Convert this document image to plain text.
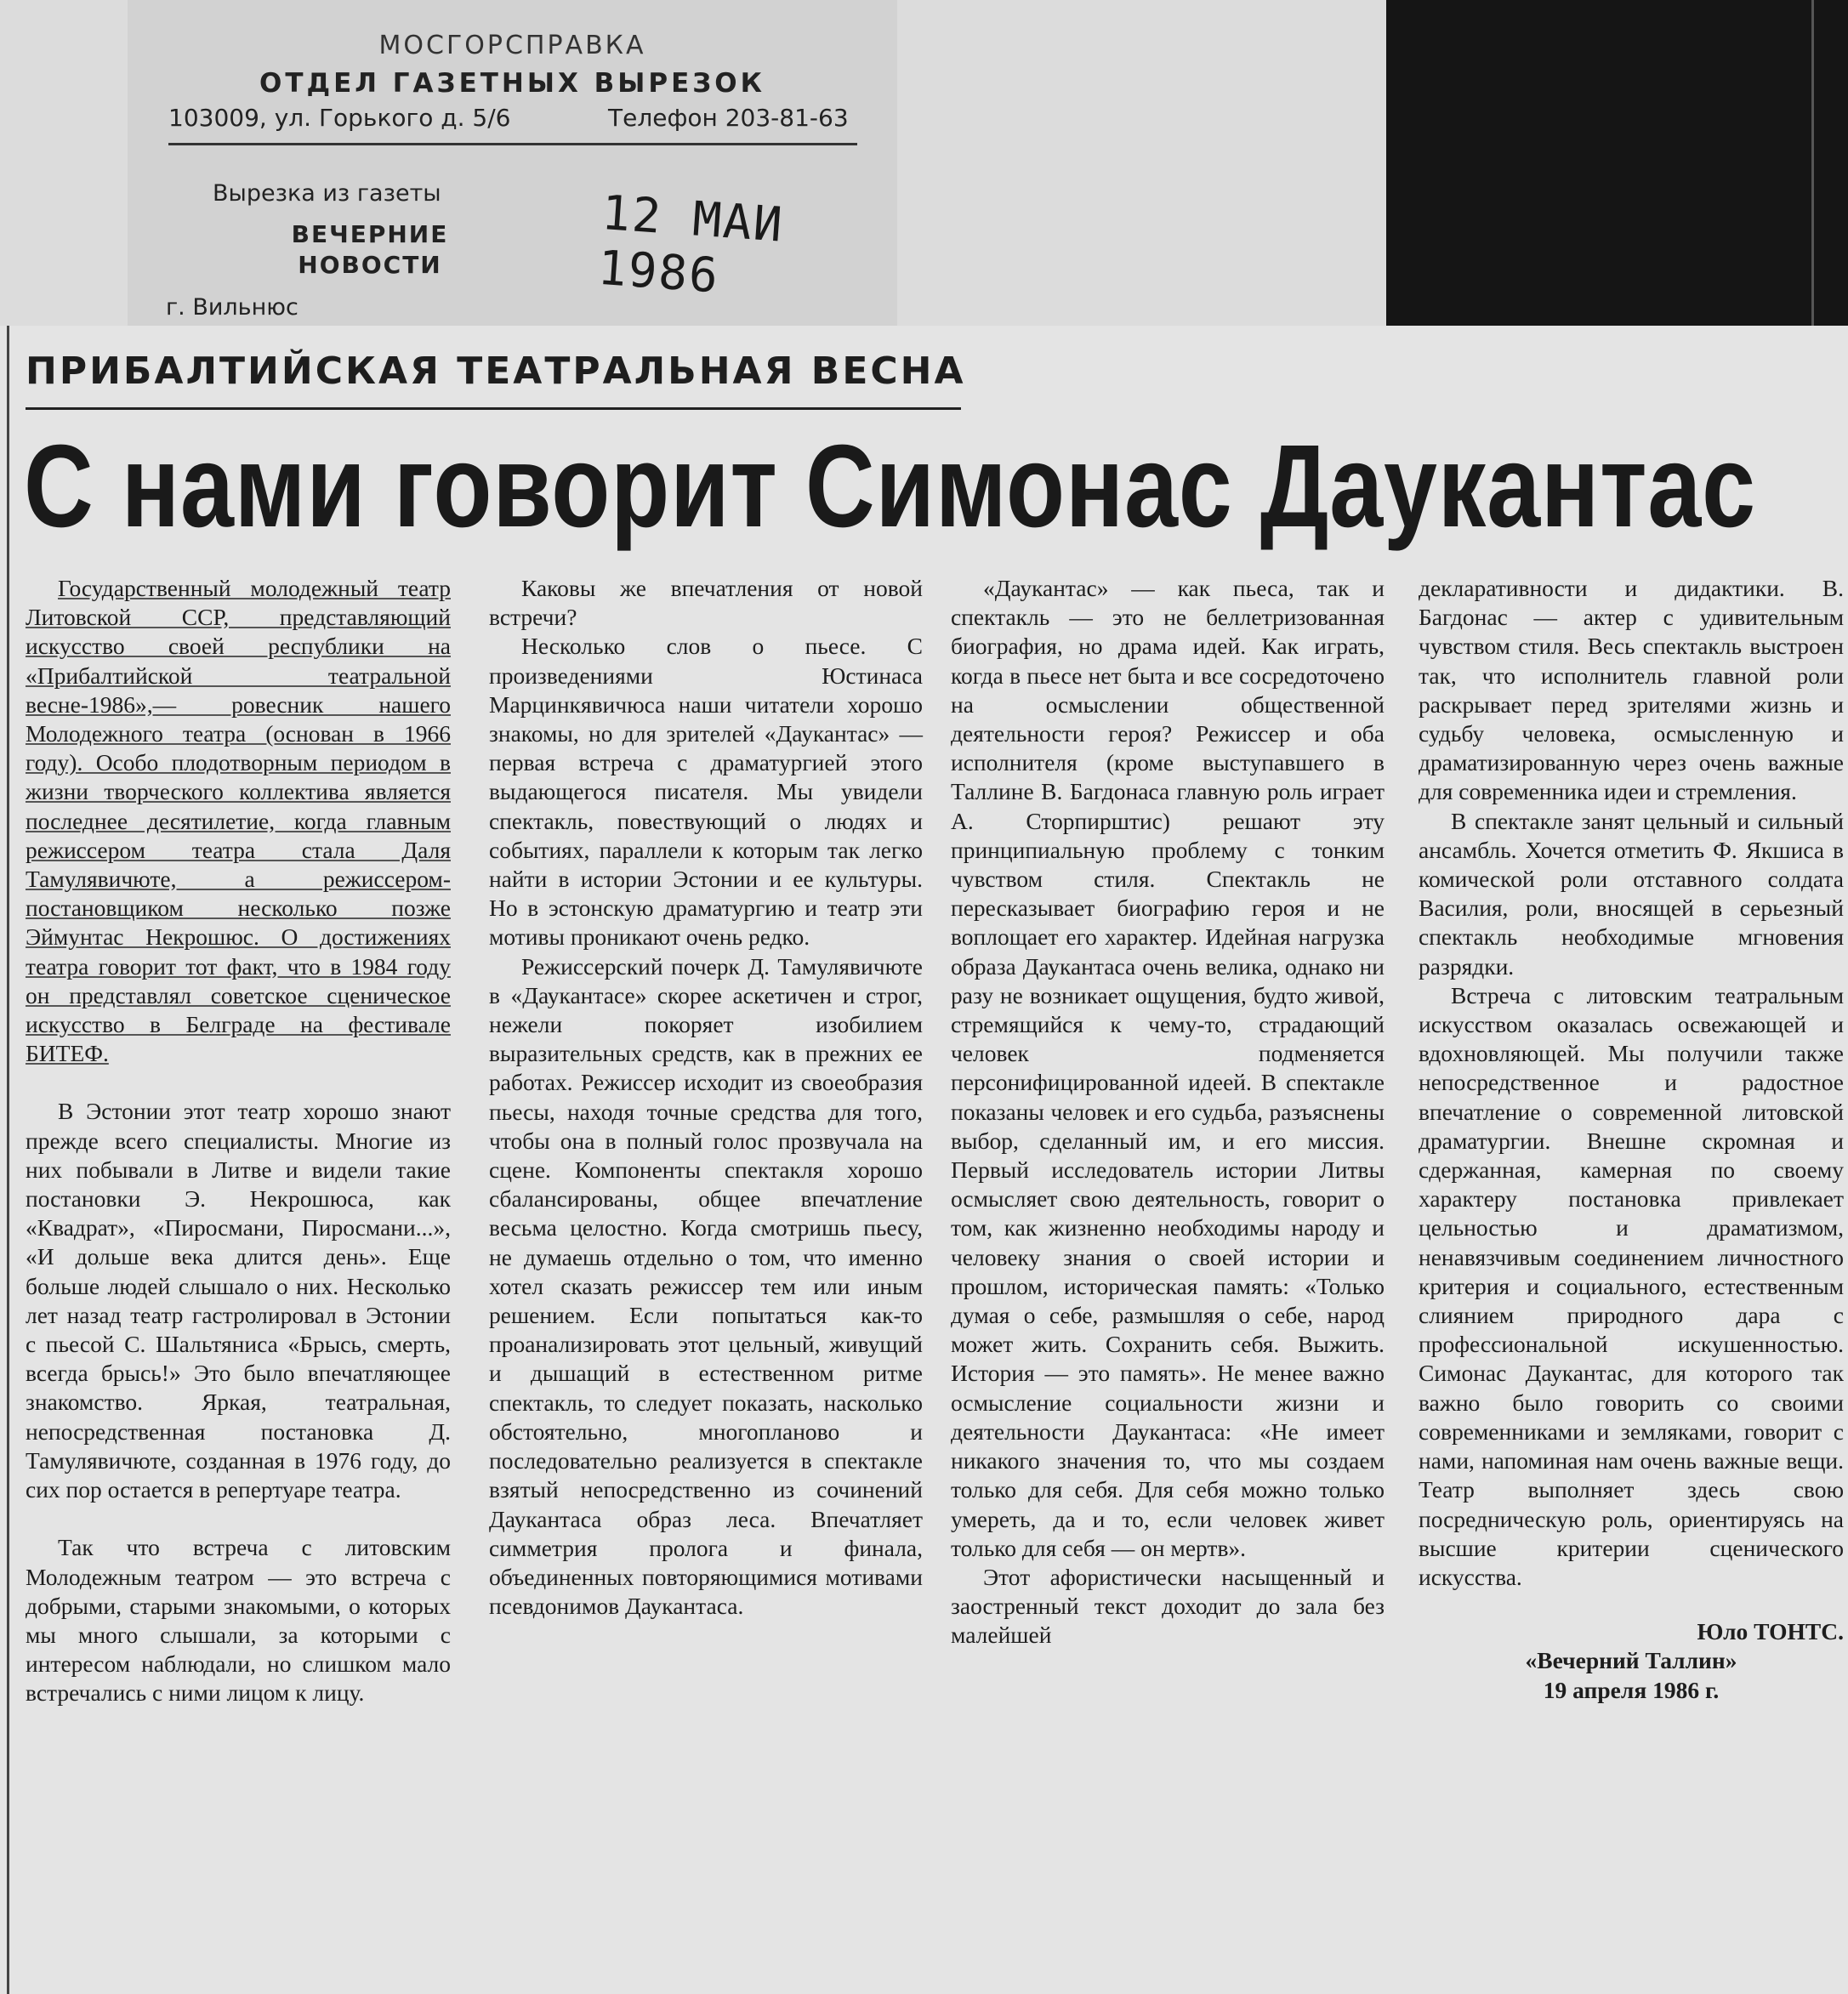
МОСГОРСПРАВКА
ОТДЕЛ ГАЗЕТНЫХ ВЫРЕЗОК
103009, ул. Горького д. 5/6	Телефон 203-81-63
Вырезка из газеты
ВЕЧЕРНИЕ
НОВОСТИ
г. Вильнюс
12 МАИ 1986
ПРИБАЛТИЙСКАЯ ТЕАТРАЛЬНАЯ ВЕСНА
С нами говорит Симонас Даукантас

Государственный молодежный театр Литовской ССР, представляющий искусство своей республики на «Прибалтийской театральной весне-1986»,— ровесник нашего Молодежного театра (основан в 1966 году). Особо плодотворным периодом в жизни творческого коллектива является последнее десятилетие, когда главным режиссером театра стала Даля Тамулявичюте, а режиссером-постановщиком несколько позже Эймунтас Некрошюс. О достижениях театра говорит тот факт, что в 1984 году он представлял советское сценическое искусство в Белграде на фестивале БИТЕФ.

В Эстонии этот театр хорошо знают прежде всего специалисты. Многие из них побывали в Литве и видели такие постановки Э. Некрошюса, как «Квадрат», «Пиросмани, Пиросмани...», «И дольше века длится день». Еще больше людей слышало о них. Несколько лет назад театр гастролировал в Эстонии с пьесой С. Шальтяниса «Брысь, смерть, всегда брысь!» Это было впечатляющее знакомство. Яркая, театральная, непосредственная постановка Д. Тамулявичюте, созданная в 1976 году, до сих пор остается в репертуаре театра.

Так что встреча с литовским Молодежным театром — это встреча с добрыми, старыми знакомыми, о которых мы много слышали, за которыми с интересом наблюдали, но слишком мало встречались с ними лицом к лицу.

Каковы же впечатления от новой встречи?

Несколько слов о пьесе. С произведениями Юстинаса Марцинкявичюса наши читатели хорошо знакомы, но для зрителей «Даукантас» — первая встреча с драматургией этого выдающегося писателя. Мы увидели спектакль, повествующий о людях и событиях, параллели к которым так легко найти в истории Эстонии и ее культуры. Но в эстонскую драматургию и театр эти мотивы проникают очень редко.

Режиссерский почерк Д. Тамулявичюте в «Даукантасе» скорее аскетичен и строг, нежели покоряет изобилием выразительных средств, как в прежних ее работах. Режиссер исходит из своеобразия пьесы, находя точные средства для того, чтобы она в полный голос прозвучала на сцене. Компоненты спектакля хорошо сбалансированы, общее впечатление весьма целостно. Когда смотришь пьесу, не думаешь отдельно о том, что именно хотел сказать режиссер тем или иным решением. Если попытаться как-то проанализировать этот цельный, живущий и дышащий в естественном ритме спектакль, то следует показать, насколько обстоятельно, многопланово и последовательно реализуется в спектакле взятый непосредственно из сочинений Даукантаса образ леса. Впечатляет симметрия пролога и финала, объединенных повторяющимися мотивами псевдонимов Даукантаса.

«Даукантас» — как пьеса, так и спектакль — это не беллетризованная биография, но драма идей. Как играть, когда в пьесе нет быта и все сосредоточено на осмыслении общественной деятельности героя? Режиссер и оба исполнителя (кроме выступавшего в Таллине В. Багдонаса главную роль играет А. Сторпирштис) решают эту принципиальную проблему с тонким чувством стиля. Спектакль не пересказывает биографию героя и не воплощает его характер. Идейная нагрузка образа Даукантаса очень велика, однако ни разу не возникает ощущения, будто живой, стремящийся к чему-то, страдающий человек подменяется персонифицированной идеей. В спектакле показаны человек и его судьба, разъяснены выбор, сделанный им, и его миссия. Первый исследователь истории Литвы осмысляет свою деятельность, говорит о том, как жизненно необходимы народу и человеку знания о своей истории и прошлом, историческая память: «Только думая о себе, размышляя о себе, народ может жить. Сохранить себя. Выжить. История — это память». Не менее важно осмысление социальности жизни и деятельности Даукантаса: «Не имеет никакого значения то, что мы создаем только для себя. Для себя можно только умереть, да и то, если человек живет только для себя — он мертв».

Этот афористически насыщенный и заостренный текст доходит до зала без малейшей

декларативности и дидактики. В. Багдонас — актер с удивительным чувством стиля. Весь спектакль выстроен так, что исполнитель главной роли раскрывает перед зрителями жизнь и судьбу человека, осмысленную и драматизированную через очень важные для современника идеи и стремления.

В спектакле занят цельный и сильный ансамбль. Хочется отметить Ф. Якшиса в комической роли отставного солдата Василия, роли, вносящей в серьезный спектакль необходимые мгновения разрядки.

Встреча с литовским театральным искусством оказалась освежающей и вдохновляющей. Мы получили также непосредственное и радостное впечатление о современной литовской драматургии. Внешне скромная и сдержанная, камерная по своему характеру постановка привлекает цельностью и драматизмом, ненавязчивым соединением личностного критерия и социального, естественным слиянием природного дара с профессиональной искушенностью. Симонас Даукантас, для которого так важно было говорить со своими современниками и земляками, говорит с нами, напоминая нам очень важные вещи. Театр выполняет здесь свою посредническую роль, ориентируясь на высшие критерии сценического искусства.

Юло ТОНТС.

«Вечерний Таллин»

19 апреля 1986 г.
